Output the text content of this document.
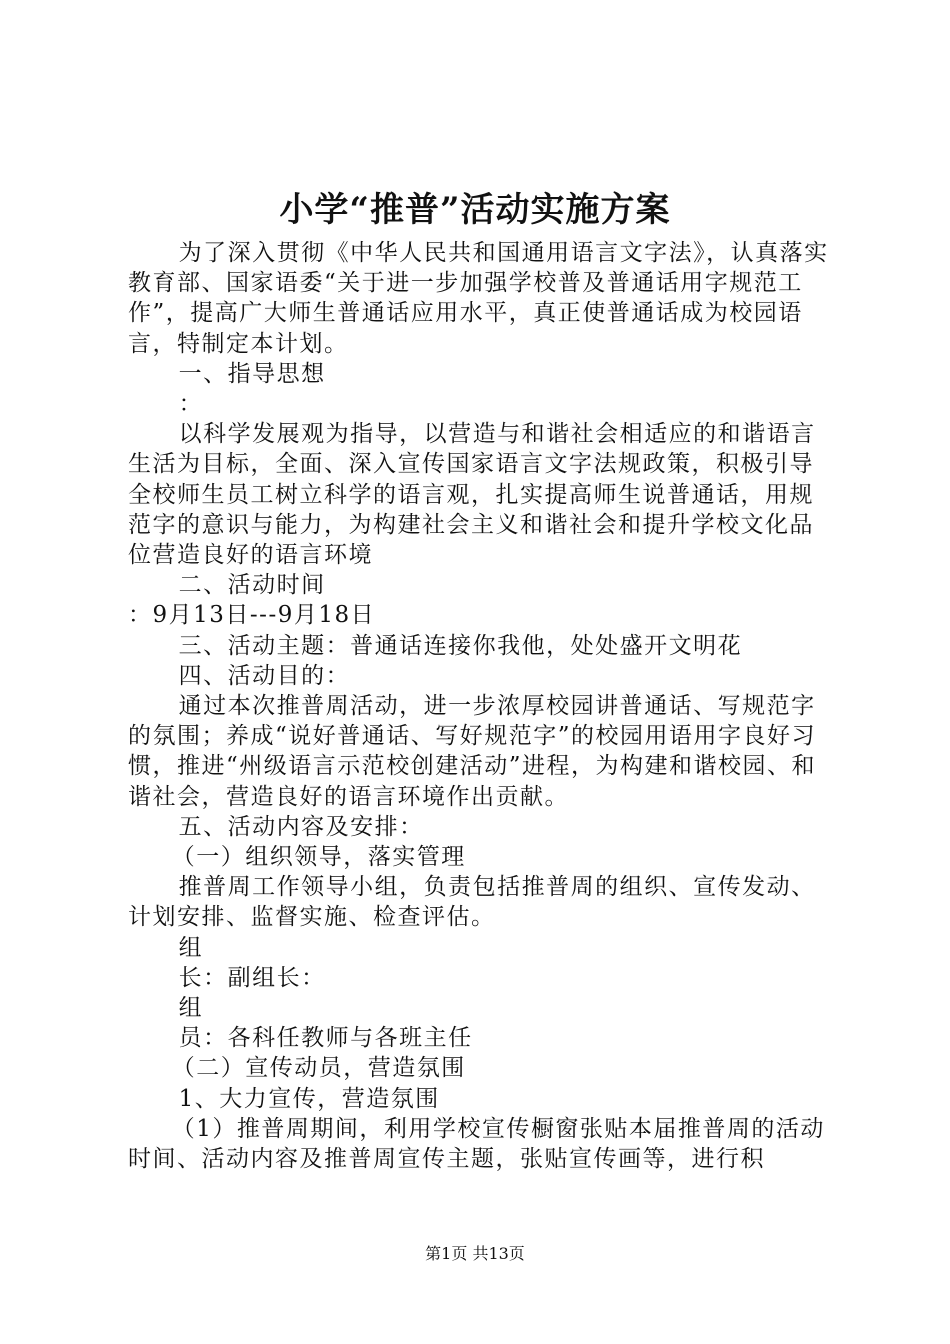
小学“推普”活动实施方案

为了深入贯彻《中华人民共和国通用语言文字法》，认真落实教育部、国家语委“关于进一步加强学校普及普通话用字规范工作”，提高广大师生普通话应用水平，真正使普通话成为校园语言，特制定本计划。

一、指导思想

：

以科学发展观为指导，以营造与和谐社会相适应的和谐语言生活为目标，全面、深入宣传国家语言文字法规政策，积极引导全校师生员工树立科学的语言观，扎实提高师生说普通话，用规范字的意识与能力，为构建社会主义和谐社会和提升学校文化品位营造良好的语言环境

二、活动时间

：9月13日---9月18日

三、活动主题：普通话连接你我他，处处盛开文明花

四、活动目的：

通过本次推普周活动，进一步浓厚校园讲普通话、写规范字的氛围；养成“说好普通话、写好规范字”的校园用语用字良好习惯，推进“州级语言示范校创建活动”进程，为构建和谐校园、和谐社会，营造良好的语言环境作出贡献。

五、活动内容及安排：

（一）组织领导，落实管理

推普周工作领导小组，负责包括推普周的组织、宣传发动、计划安排、监督实施、检查评估。

组

长：副组长：

组

员：各科任教师与各班主任

（二）宣传动员，营造氛围

1、大力宣传，营造氛围

（1）推普周期间，利用学校宣传橱窗张贴本届推普周的活动时间、活动内容及推普周宣传主题，张贴宣传画等，进行积

第1页 共13页
